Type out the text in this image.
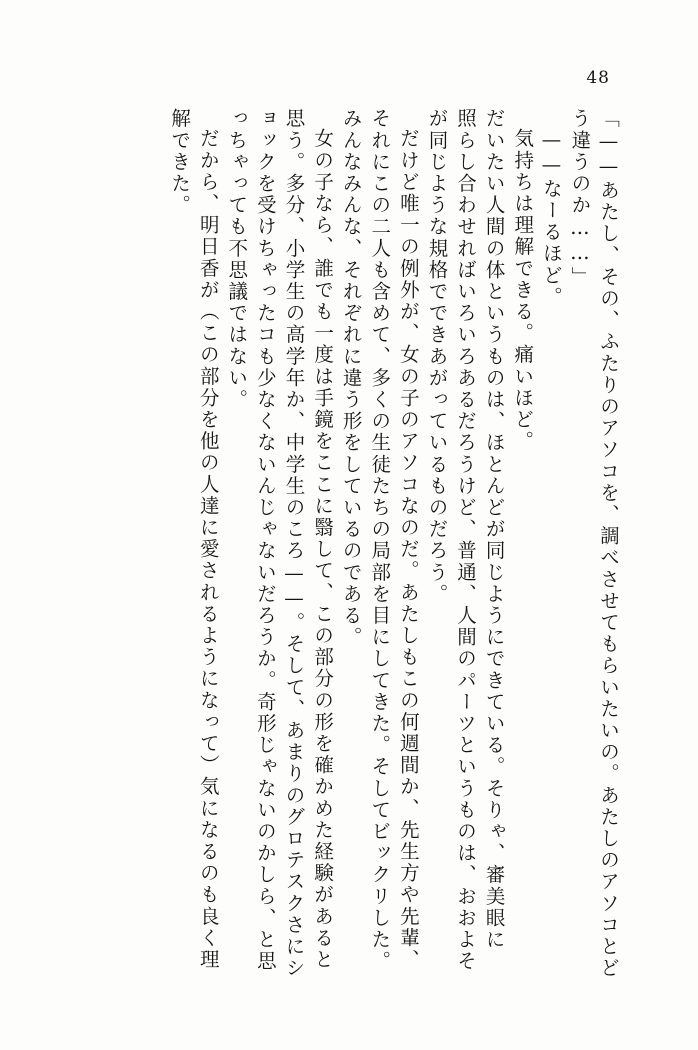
48
「——あたし、その、ふたりのアソコを、調べさせてもらいたいの。あたしのアソコとど
う違うのか……」
——なーるほど。
気持ちは理解できる。痛いほど。
だいたい人間の体というものは、ほとんどが同じようにできている。そりゃ、審美眼に
照らし合わせればいろいろあるだろうけど、普通、人間のパーツというものは、おおよそ
が同じような規格でできあがっているものだろう。
だけど唯一の例外が、女の子のアソコなのだ。あたしもこの何週間か、先生方や先輩、
それにこの二人も含めて、多くの生徒たちの局部を目にしてきた。そしてビックリした。
みんなみんな、それぞれに違う形をしているのである。
女の子なら、誰でも一度は手鏡をここに翳して、この部分の形を確かめた経験があると
思う。多分、小学生の高学年か、中学生のころ——。そして、あまりのグロテスクさにシ
ョックを受けちゃったコも少なくないんじゃないだろうか。奇形じゃないのかしら、と思
っちゃっても不思議ではない。
だから、明日香が（この部分を他の人達に愛されるようになって）気になるのも良く理
解できた。
